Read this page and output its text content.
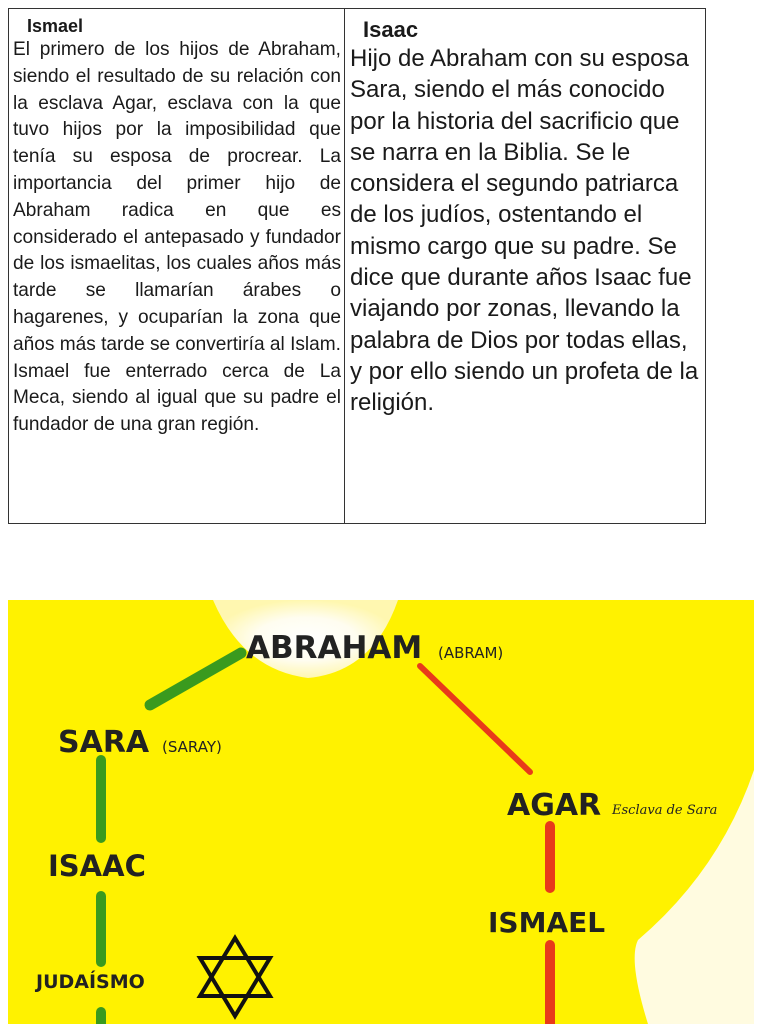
Ismael

El primero de los hijos de Abraham, siendo el resultado de su relación con la esclava Agar, esclava con la que tuvo hijos por la imposibilidad que tenía su esposa de procrear. La importancia del primer hijo de Abraham radica en que es considerado el antepasado y fundador de los ismaelitas, los cuales años más tarde se llamarían árabes o hagarenes, y ocuparían la zona que años más tarde se convertiría al Islam. Ismael fue enterrado cerca de La Meca, siendo al igual que su padre el fundador de una gran región.

Isaac

Hijo de Abraham con su esposa Sara, siendo el más conocido por la historia del sacrificio que se narra en la Biblia. Se le considera el segundo patriarca de los judíos, ostentando el mismo cargo que su padre. Se dice que durante años Isaac fue viajando por zonas, llevando la palabra de Dios por todas ellas, y por ello siendo un profeta de la religión.

ABRAHAM (ABRAM)
SARA (SARAY)
AGAR Esclava de Sara
ISAAC
ISMAEL
JUDAÍSMO
